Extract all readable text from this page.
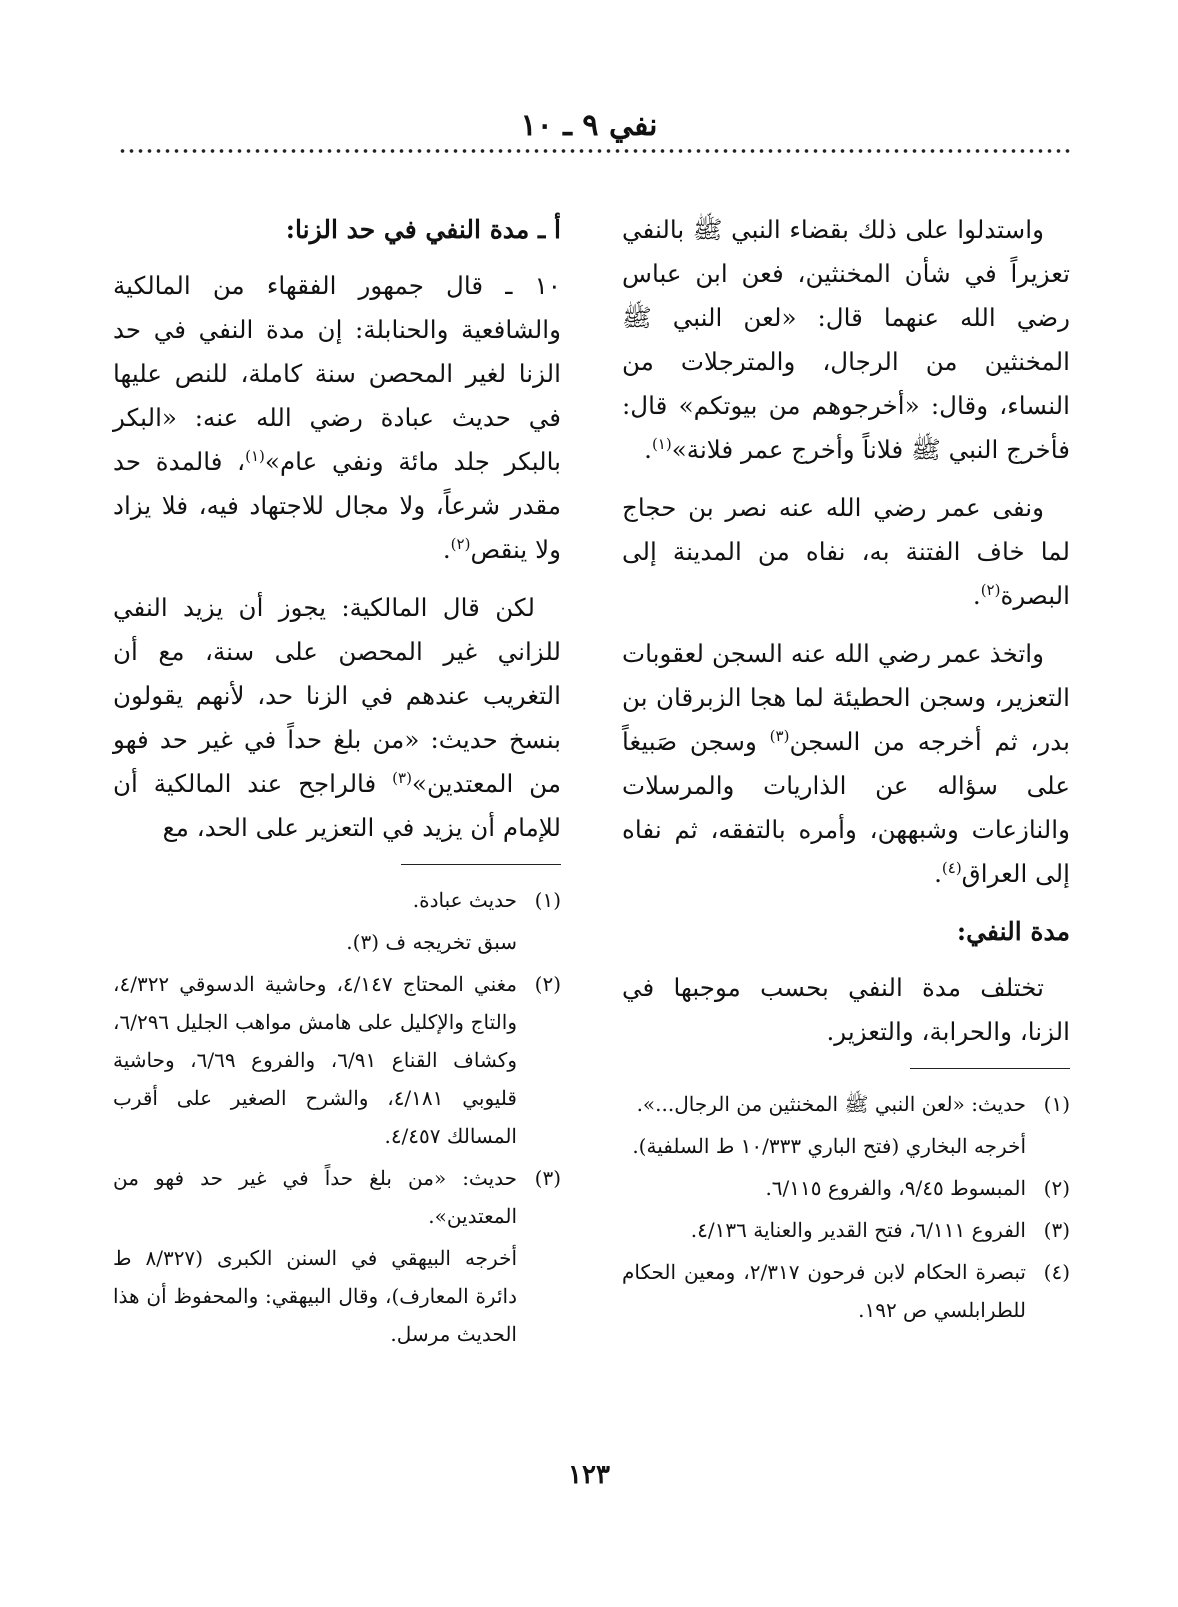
نفي ٩ ـ ١٠

واستدلوا على ذلك بقضاء النبي ﷺ بالنفي تعزيراً في شأن المخنثين، فعن ابن عباس رضي الله عنهما قال: «لعن النبي ﷺ المخنثين من الرجال، والمترجلات من النساء، وقال: «أخرجوهم من بيوتكم» قال: فأخرج النبي ﷺ فلاناً وأخرج عمر فلانة»$^{(١)}$.

ونفى عمر رضي الله عنه نصر بن حجاج لما خاف الفتنة به، نفاه من المدينة إلى البصرة$^{(٢)}$.

واتخذ عمر رضي الله عنه السجن لعقوبات التعزير، وسجن الحطيئة لما هجا الزبرقان بن بدر، ثم أخرجه من السجن$^{(٣)}$ وسجن صَبيغاً على سؤاله عن الذاريات والمرسلات والنازعات وشبههن، وأمره بالتفقه، ثم نفاه إلى العراق$^{(٤)}$.

مدة النفي:

تختلف مدة النفي بحسب موجبها في الزنا، والحرابة، والتعزير.

(١)
حديث: «لعن النبي ﷺ المخنثين من الرجال...».
أخرجه البخاري (فتح الباري ١٠/٣٣٣ ط السلفية).
(٢)
المبسوط ٩/٤٥، والفروع ٦/١١٥.
(٣)
الفروع ٦/١١١، فتح القدير والعناية ٤/١٣٦.
(٤)
تبصرة الحكام لابن فرحون ٢/٣١٧، ومعين الحكام للطرابلسي ص ١٩٢.
أ ـ مدة النفي في حد الزنا:

١٠ ـ قال جمهور الفقهاء من المالكية والشافعية والحنابلة: إن مدة النفي في حد الزنا لغير المحصن سنة كاملة، للنص عليها في حديث عبادة رضي الله عنه: «البكر بالبكر جلد مائة ونفي عام»$^{(١)}$، فالمدة حد مقدر شرعاً، ولا مجال للاجتهاد فيه، فلا يزاد ولا ينقص$^{(٢)}$.

لكن قال المالكية: يجوز أن يزيد النفي للزاني غير المحصن على سنة، مع أن التغريب عندهم في الزنا حد، لأنهم يقولون بنسخ حديث: «من بلغ حداً في غير حد فهو من المعتدين»$^{(٣)}$ فالراجح عند المالكية أن للإمام أن يزيد في التعزير على الحد، مع

(١)
حديث عبادة.
سبق تخريجه ف (٣).
(٢)
مغني المحتاج ٤/١٤٧، وحاشية الدسوقي ٤/٣٢٢، والتاج والإكليل على هامش مواهب الجليل ٦/٢٩٦، وكشاف القناع ٦/٩١، والفروع ٦/٦٩، وحاشية قليوبي ٤/١٨١، والشرح الصغير على أقرب المسالك ٤/٤٥٧.
(٣)
حديث: «من بلغ حداً في غير حد فهو من المعتدين».
أخرجه البيهقي في السنن الكبرى (٨/٣٢٧ ط دائرة المعارف)، وقال البيهقي: والمحفوظ أن هذا الحديث مرسل.
١٢٣
